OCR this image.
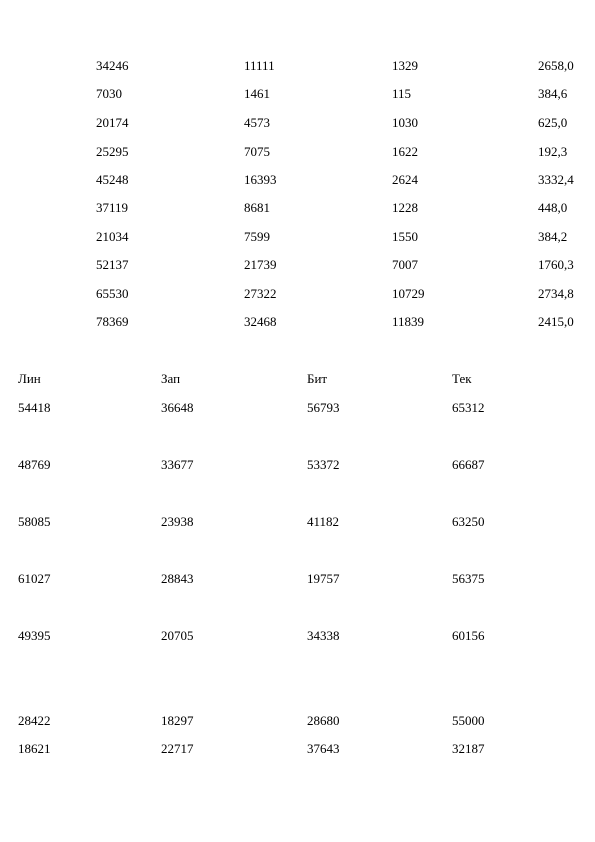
34246	11111	1329	2658,0
7030	1461	115	384,6
20174	4573	1030	625,0
25295	7075	1622	192,3
45248	16393	2624	3332,4
37119	8681	1228	448,0
21034	7599	1550	384,2
52137	21739	7007	1760,3
65530	27322	10729	2734,8
78369	32468	11839	2415,0
Лин	Зап	Бит	Тек
54418	36648	56793	65312
48769	33677	53372	66687
58085	23938	41182	63250
61027	28843	19757	56375
49395	20705	34338	60156
28422	18297	28680	55000
18621	22717	37643	32187
